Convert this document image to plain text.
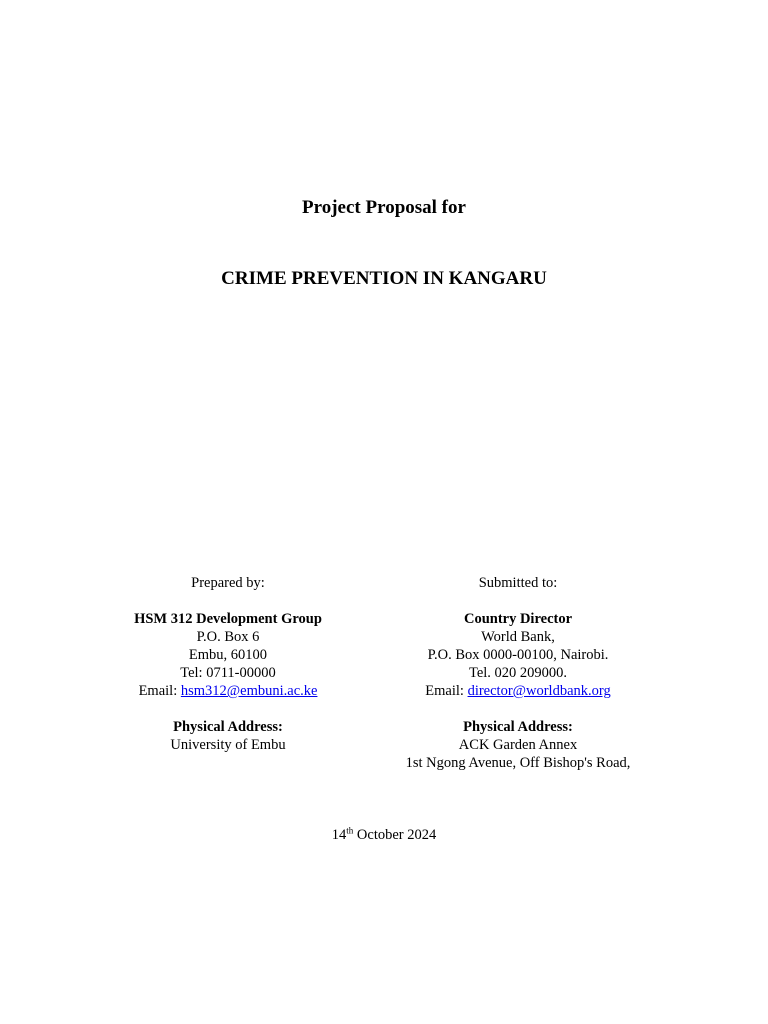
Project Proposal for
CRIME PREVENTION IN KANGARU
Prepared by:
HSM 312 Development Group
P.O. Box 6
Embu, 60100
Tel: 0711-00000
Email: hsm312@embuni.ac.ke
Physical Address:
University of Embu
Submitted to:
Country Director
World Bank,
P.O. Box 0000-00100, Nairobi.
Tel. 020 209000.
Email: director@worldbank.org
Physical Address:
ACK Garden Annex
1st Ngong Avenue, Off Bishop's Road,
14th October 2024
